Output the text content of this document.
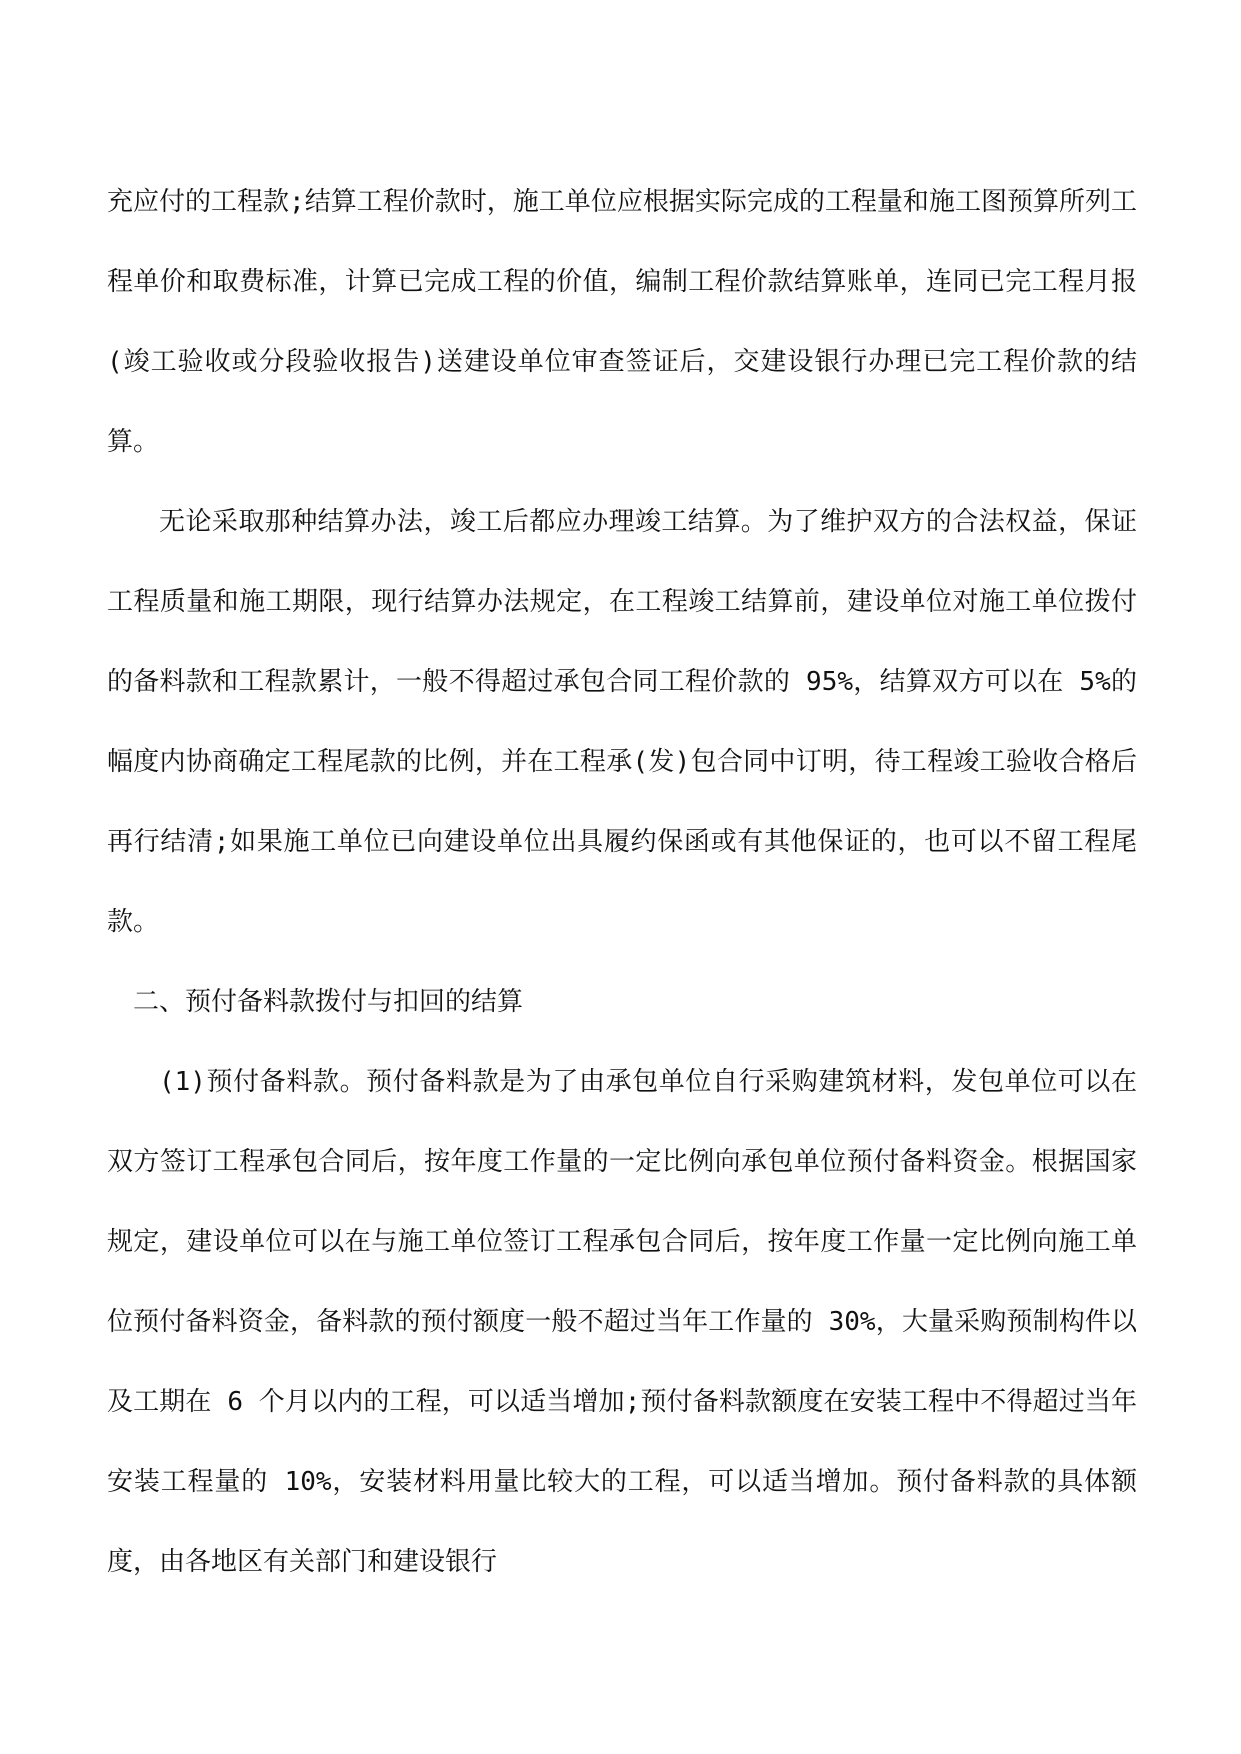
充应付的工程款;结算工程价款时，施工单位应根据实际完成的工程量和施工图预算所列工程单价和取费标准，计算已完成工程的价值，编制工程价款结算账单，连同已完工程月报(竣工验收或分段验收报告)送建设单位审查签证后，交建设银行办理已完工程价款的结算。

无论采取那种结算办法，竣工后都应办理竣工结算。为了维护双方的合法权益，保证工程质量和施工期限，现行结算办法规定，在工程竣工结算前，建设单位对施工单位拨付的备料款和工程款累计，一般不得超过承包合同工程价款的 95%，结算双方可以在 5%的幅度内协商确定工程尾款的比例，并在工程承(发)包合同中订明，待工程竣工验收合格后再行结清;如果施工单位已向建设单位出具履约保函或有其他保证的，也可以不留工程尾款。

二、预付备料款拨付与扣回的结算

(1)预付备料款。预付备料款是为了由承包单位自行采购建筑材料，发包单位可以在双方签订工程承包合同后，按年度工作量的一定比例向承包单位预付备料资金。根据国家规定，建设单位可以在与施工单位签订工程承包合同后，按年度工作量一定比例向施工单位预付备料资金，备料款的预付额度一般不超过当年工作量的 30%，大量采购预制构件以及工期在 6 个月以内的工程，可以适当增加;预付备料款额度在安装工程中不得超过当年安装工程量的 10%，安装材料用量比较大的工程，可以适当增加。预付备料款的具体额度，由各地区有关部门和建设银行
